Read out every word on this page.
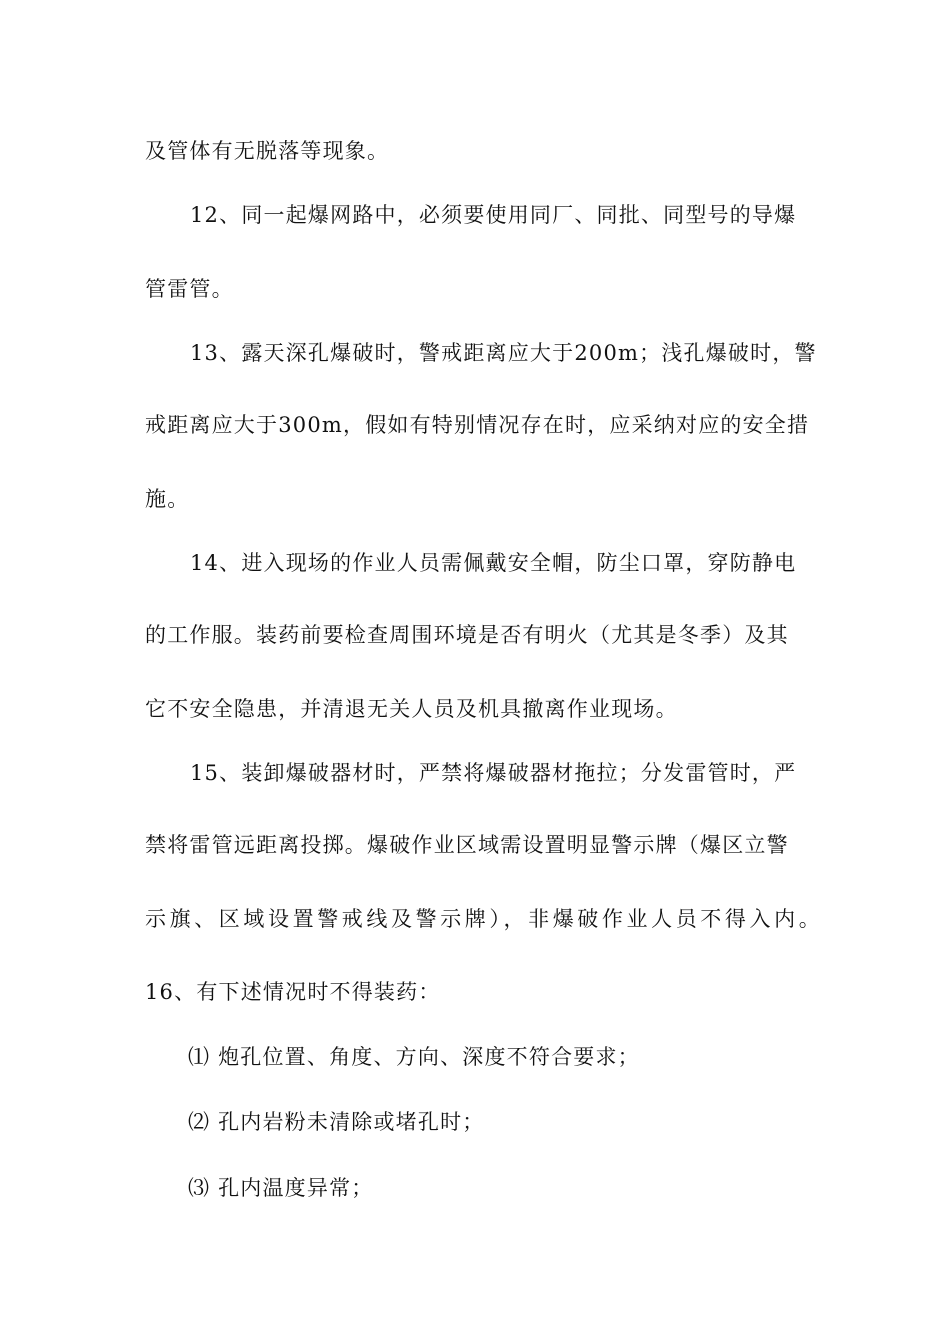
及管体有无脱落等现象。
12、同一起爆网路中，必须要使用同厂、同批、同型号的导爆
管雷管。
13、露天深孔爆破时，警戒距离应大于200m；浅孔爆破时，警
戒距离应大于300m，假如有特别情况存在时，应采纳对应的安全措
施。
14、进入现场的作业人员需佩戴安全帽，防尘口罩，穿防静电
的工作服。装药前要检查周围环境是否有明火（尤其是冬季）及其
它不安全隐患，并清退无关人员及机具撤离作业现场。
15、装卸爆破器材时，严禁将爆破器材拖拉；分发雷管时，严
禁将雷管远距离投掷。爆破作业区域需设置明显警示牌（爆区立警
示旗、区域设置警戒线及警示牌），非爆破作业人员不得入内。
16、有下述情况时不得装药：
⑴ 炮孔位置、角度、方向、深度不符合要求；
⑵ 孔内岩粉未清除或堵孔时；
⑶ 孔内温度异常；
